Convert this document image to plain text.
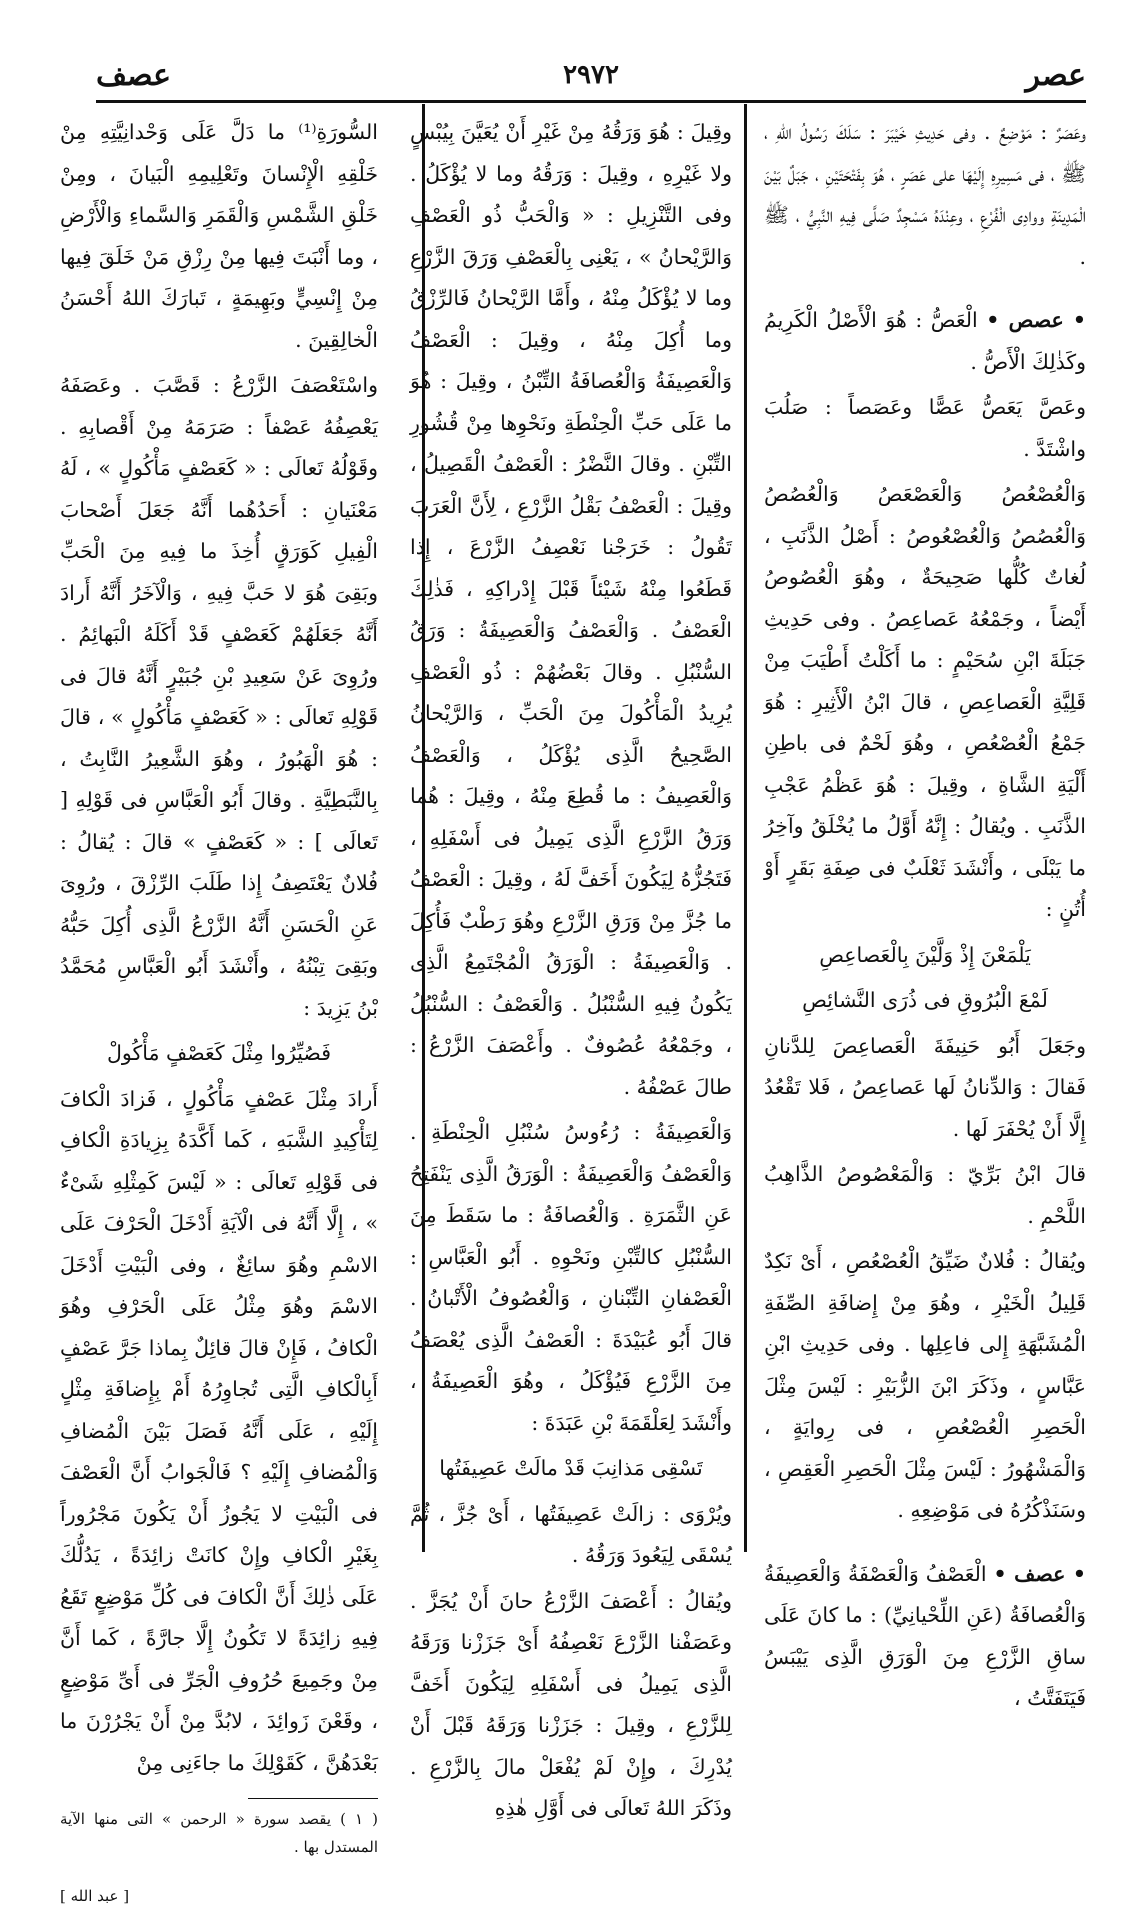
عصر
٢٩٧٢
عصف

وعَصَرٌ : مَوْضِعٌ . وفى حَدِيثِ خَيْبَرَ : سَلَكَ رَسُولُ اللهِ ، ﷺ ، فى مَسِيرِهِ إِلَيْهَا على عَصَرٍ ، هُوَ بِفَتْحَتَيْنِ ، جَبَلٌ بَيْنَ الْمَدِينَةِ ووادِى الْفُرْعِ ، وعِنْدَهُ مَسْجِدٌ صَلَّى فِيهِ النَّبِيُّ ، ﷺ .

• عصص • الْعَصُّ : هُوَ الْأَصْلُ الْكَرِيمُ وكَذٰلِكَ الْأَصُّ .

وعَصَّ يَعَصُّ عَصًّا وعَصَصاً : صَلُبَ واشْتَدَّ .

وَالْعُصْعُصُ وَالْعَصْعَصُ وَالْعُصُصُ وَالْعُصُصُ وَالْعُصْعُوصُ : أَصْلُ الذَّنَبِ ، لُغاتٌ كُلُّها صَحِيحَةٌ ، وهُوَ الْعُصُوصُ أَيْضاً ، وجَمْعُهُ عَصاعِصُ . وفى حَدِيثِ جَبَلَةَ ابْنِ سُحَيْمٍ : ما أَكَلْتُ أَطْيَبَ مِنْ قَلِيَّةِ الْعَصاعِصِ ، قالَ ابْنُ الْأَثِيرِ : هُوَ جَمْعُ الْعُصْعُصِ ، وهُوَ لَحْمٌ فى باطِنِ أَلْيَةِ الشَّاةِ ، وقِيلَ : هُوَ عَظْمُ عَجْبِ الذَّنَبِ . ويُقالُ : إِنَّهُ أَوَّلُ ما يُخْلَقُ وآخِرُ ما يَبْلَى ، وأَنْشَدَ ثَعْلَبٌ فى صِفَةِ بَقَرٍ أَوْ أُتُنٍ :

يَلْمَعْنَ إِذْ وَلَّيْنَ بِالْعَصاعِصِ

لَمْعَ الْبُرُوقِ فى ذُرَى النَّشائِصِ

وجَعَلَ أَبُو حَنِيفَةَ الْعَصاعِصَ لِلدَّنانِ فَقالَ : وَالدِّنانُ لَها عَصاعِصُ ، فَلا تَقْعُدُ إِلَّا أَنْ يُحْفَرَ لَها .

قالَ ابْنُ بَرِّيّ : وَالْمَعْصُوصُ الذَّاهِبُ اللَّحْمِ .

ويُقالُ : فُلانٌ ضَيِّقُ الْعُصْعُصِ ، أَىْ نَكِدٌ قَلِيلُ الْخَيْرِ ، وهُوَ مِنْ إِضافَةِ الصِّفَةِ الْمُشَبَّهَةِ إِلى فاعِلِها . وفى حَدِيثِ ابْنِ عَبَّاسٍ ، وذَكَرَ ابْنَ الزُّبَيْرِ : لَيْسَ مِثْلَ الْحَصِرِ الْعُصْعُصِ ، فى رِوايَةٍ ، وَالْمَشْهُورُ : لَيْسَ مِثْلَ الْحَصِرِ الْعَقِصِ ، وسَنَذْكُرُهُ فى مَوْضِعِهِ .

• عصف • الْعَصْفُ وَالْعَصْفَةُ وَالْعَصِيفَةُ وَالْعُصافَةُ (عَنِ اللِّحْيانِيِّ) : ما كانَ عَلَى ساقِ الزَّرْعِ مِنَ الْوَرَقِ الَّذِى يَيْبَسُ فَيَتَفَتَّتُ ،

وقِيلَ : هُوَ وَرَقُهُ مِنْ غَيْرِ أَنْ يُعَيَّنَ بِيُبْسٍ ولا غَيْرِهِ ، وقِيلَ : وَرَقُهُ وما لا يُؤْكَلُ . وفى التَّنْزِيلِ : « وَالْحَبُّ ذُو الْعَصْفِ وَالرَّيْحانُ » ، يَعْنِى بِالْعَصْفِ وَرَقَ الزَّرْعِ وما لا يُؤْكَلُ مِنْهُ ، وأَمَّا الرَّيْحانُ فَالرِّزْقُ وما أُكِلَ مِنْهُ ، وقِيلَ : الْعَصْفُ وَالْعَصِيفَةُ وَالْعُصافَةُ التِّبْنُ ، وقِيلَ : هُوَ ما عَلَى حَبِّ الْحِنْطَةِ ونَحْوِها مِنْ قُشُورِ التِّبْنِ . وقالَ النَّضْرُ : الْعَصْفُ الْقَصِيلُ ، وقِيلَ : الْعَصْفُ بَقْلُ الزَّرْعِ ، لِأَنَّ الْعَرَبَ تَقُولُ : خَرَجْنا نَعْصِفُ الزَّرْعَ ، إِذا قَطَعُوا مِنْهُ شَيْئاً قَبْلَ إِدْراكِهِ ، فَذٰلِكَ الْعَصْفُ . وَالْعَصْفُ وَالْعَصِيفَةُ : وَرَقُ السُّنْبُلِ . وقالَ بَعْضُهُمْ : ذُو الْعَصْفِ يُرِيدُ الْمَأْكُولَ مِنَ الْحَبِّ ، وَالرَّيْحانُ الصَّحِيحُ الَّذِى يُؤْكَلُ ، وَالْعَصْفُ وَالْعَصِيفُ : ما قُطِعَ مِنْهُ ، وقِيلَ : هُما وَرَقُ الزَّرْعِ الَّذِى يَمِيلُ فى أَسْفَلِهِ ، فَتَجُزُّهُ لِيَكُونَ أَخَفَّ لَهُ ، وقِيلَ : الْعَصْفُ ما جُزَّ مِنْ وَرَقِ الزَّرْعِ وهُوَ رَطْبٌ فَأُكِلَ . وَالْعَصِيفَةُ : الْوَرَقُ الْمُجْتَمِعُ الَّذِى يَكُونُ فِيهِ السُّنْبُلُ . وَالْعَصْفُ : السُّنْبُلُ ، وجَمْعُهُ عُصُوفٌ . وأَعْصَفَ الزَّرْعُ : طالَ عَصْفُهُ .

وَالْعَصِيفَةُ : رُءُوسُ سُنْبُلِ الْحِنْطَةِ . وَالْعَصْفُ وَالْعَصِيفَةُ : الْوَرَقُ الَّذِى يَنْفَتِحُ عَنِ الثَّمَرَةِ . وَالْعُصافَةُ : ما سَقَطَ مِنَ السُّنْبُلِ كالتِّبْنِ ونَحْوِهِ . أَبُو الْعَبَّاسِ : الْعَصْفانِ التِّبْنانِ ، وَالْعُصُوفُ الْأَتْبانُ . قالَ أَبُو عُبَيْدَةَ : الْعَصْفُ الَّذِى يُعْصَفُ مِنَ الزَّرْعِ فَيُؤْكَلُ ، وهُوَ الْعَصِيفَةُ ، وأَنْشَدَ لِعَلْقَمَةَ بْنِ عَبَدَةَ :

تَسْقِى مَذانِبَ قَدْ مالَتْ عَصِيفَتُها

ويُرْوَى : زالَتْ عَصِيفَتُها ، أَىْ جُزَّ ، ثُمَّ يُسْقَى لِيَعُودَ وَرَقُهُ .

ويُقالُ : أَعْصَفَ الزَّرْعُ حانَ أَنْ يُجَزَّ . وعَصَفْنا الزَّرْعَ نَعْصِفُهُ أَىْ جَزَزْنا وَرَقَهُ الَّذِى يَمِيلُ فى أَسْفَلِهِ لِيَكُونَ أَخَفَّ لِلزَّرْعِ ، وقِيلَ : جَزَزْنا وَرَقَهُ قَبْلَ أَنْ يُدْرِكَ ، وإِنْ لَمْ يُفْعَلْ مالَ بِالزَّرْعِ . وذَكَرَ اللهُ تَعالَى فى أَوَّلِ هٰذِهِ

السُّورَةِ⁽¹⁾ ما دَلَّ عَلَى وَحْدانِيَّتِهِ مِنْ خَلْقِهِ الْإِنْسانَ وتَعْلِيمِهِ الْبَيانَ ، ومِنْ خَلْقِ الشَّمْسِ وَالْقَمَرِ وَالسَّماءِ وَالْأَرْضِ ، وما أَنْبَتَ فِيها مِنْ رِزْقِ مَنْ خَلَقَ فِيها مِنْ إِنْسِيٍّ وبَهِيمَةٍ ، تَبارَكَ اللهُ أَحْسَنُ الْخالِقِينَ .

واسْتَعْصَفَ الزَّرْعُ : قَصَّبَ . وعَصَفَهُ يَعْصِفُهُ عَصْفاً : صَرَمَهُ مِنْ أَقْصابِهِ . وقَوْلُهُ تَعالَى : « كَعَصْفٍ مَأْكُولٍ » ، لَهُ مَعْنَيانِ : أَحَدُهُما أَنَّهُ جَعَلَ أَصْحابَ الْفِيلِ كَوَرَقٍ أُخِذَ ما فِيهِ مِنَ الْحَبِّ وبَقِىَ هُوَ لا حَبَّ فِيهِ ، وَالْآخَرُ أَنَّهُ أَرادَ أَنَّهُ جَعَلَهُمْ كَعَصْفٍ قَدْ أَكَلَهُ الْبَهائِمُ . ورُوِىَ عَنْ سَعِيدِ بْنِ جُبَيْرٍ أَنَّهُ قالَ فى قَوْلِهِ تَعالَى : « كَعَصْفٍ مَأْكُولٍ » ، قالَ : هُوَ الْهَبُورُ ، وهُوَ الشَّعِيرُ النَّابِتُ ، بِالنَّبَطِيَّةِ . وقالَ أَبُو الْعَبَّاسِ فى قَوْلِهِ [ تَعالَى ] : « كَعَصْفٍ » قالَ : يُقالُ : فُلانٌ يَعْتَصِفُ إِذا طَلَبَ الرِّزْقَ ، ورُوِىَ عَنِ الْحَسَنِ أَنَّهُ الزَّرْعُ الَّذِى أُكِلَ حَبُّهُ وبَقِىَ تِبْنُهُ ، وأَنْشَدَ أَبُو الْعَبَّاسِ مُحَمَّدُ بْنُ يَزِيدَ :

فَصُيِّرُوا مِثْلَ كَعَصْفٍ مَأْكُولْ

أَرادَ مِثْلَ عَصْفٍ مَأْكُولٍ ، فَزادَ الْكافَ لِتَأْكِيدِ الشَّبَهِ ، كَما أَكَّدَهُ بِزِيادَةِ الْكافِ فى قَوْلِهِ تَعالَى : « لَيْسَ كَمِثْلِهِ شَىْءٌ » ، إِلَّا أَنَّهُ فى الْآيَةِ أَدْخَلَ الْحَرْفَ عَلَى الاسْمِ وهُوَ سائِغٌ ، وفى الْبَيْتِ أَدْخَلَ الاسْمَ وهُوَ مِثْلُ عَلَى الْحَرْفِ وهُوَ الْكافُ ، فَإِنْ قالَ قائِلٌ بِماذا جَرَّ عَصْفٍ أَبِالْكافِ الَّتِى تُجاوِرُهُ أَمْ بِإِضافَةِ مِثْلٍ إِلَيْهِ ، عَلَى أَنَّهُ فَصَلَ بَيْنَ الْمُضافِ وَالْمُضافِ إِلَيْهِ ؟ فَالْجَوابُ أَنَّ الْعَصْفَ فى الْبَيْتِ لا يَجُوزُ أَنْ يَكُونَ مَجْرُوراً بِغَيْرِ الْكافِ وإِنْ كانَتْ زائِدَةً ، يَدُلُّكَ عَلَى ذٰلِكَ أَنَّ الْكافَ فى كُلِّ مَوْضِعٍ تَقَعُ فِيهِ زائِدَةً لا تَكُونُ إِلَّا جارَّةً ، كَما أَنَّ مِنْ وجَمِيعَ حُرُوفِ الْجَرِّ فى أَىِّ مَوْضِعٍ ، وقَعْنَ زَوائِدَ ، لابُدَّ مِنْ أَنْ يَجْرُرْنَ ما بَعْدَهُنَّ ، كَقَوْلِكَ ما جاءَنِى مِنْ

( ١ ) يقصد سورة « الرحمن » التى منها الآية المستدل بها .
[ عبد الله ]
